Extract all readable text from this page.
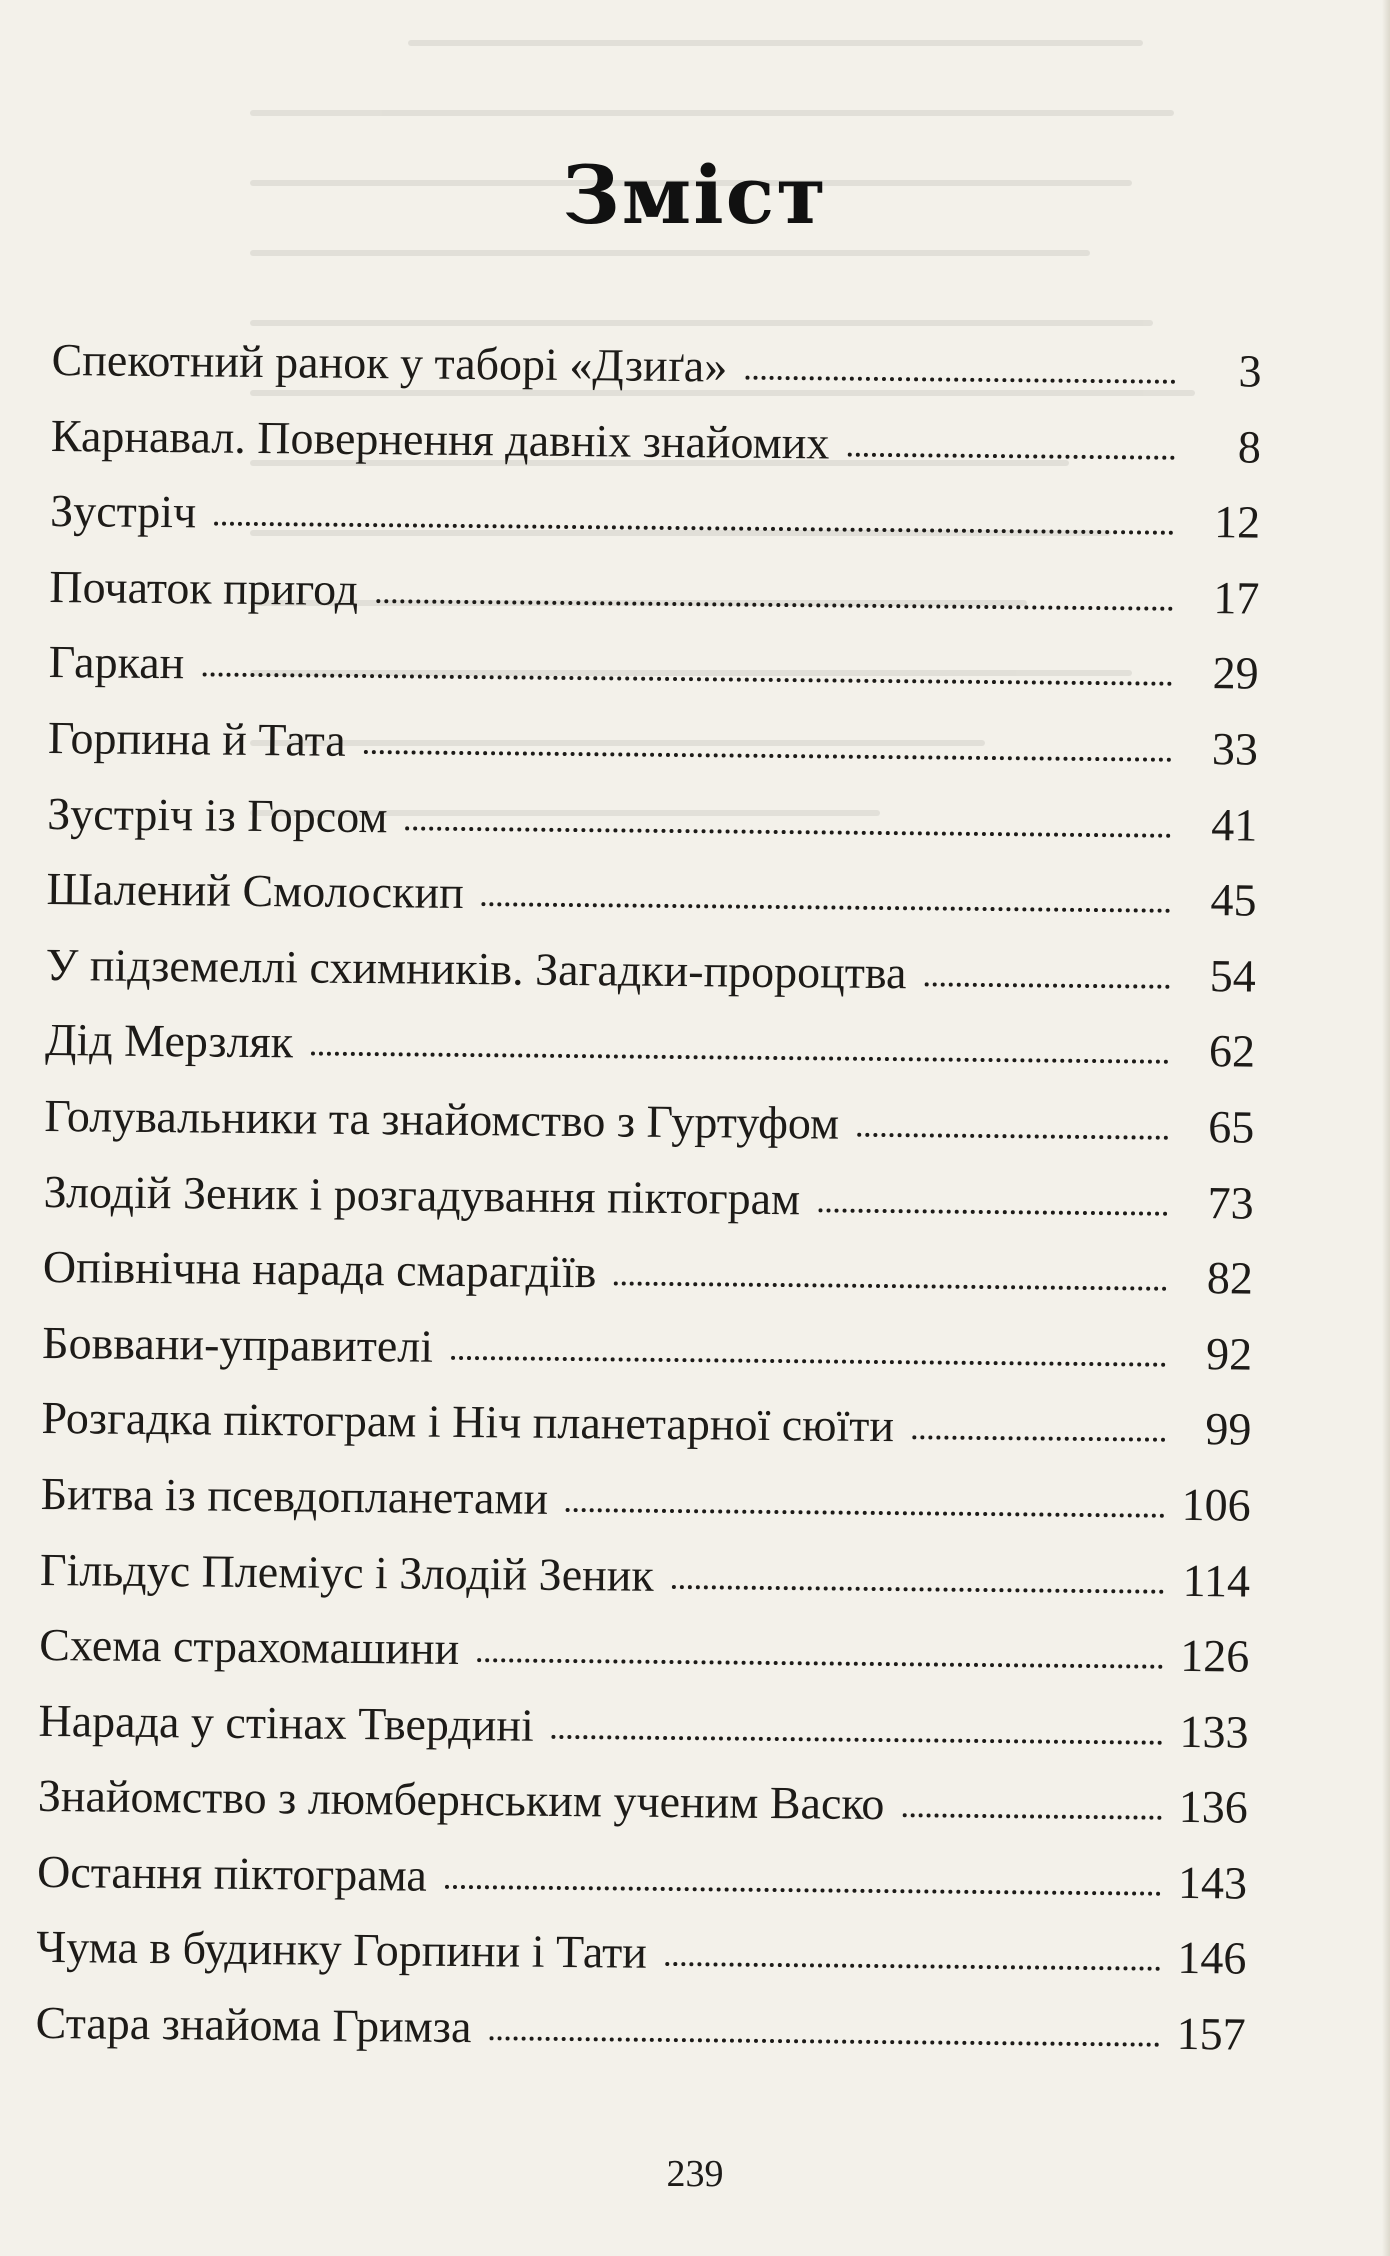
Зміст
Спекотний ранок у таборі «Дзиґа»	3
Карнавал. Повернення давніх знайомих	8
Зустріч	12
Початок пригод	17
Гаркан	29
Горпина й Тата	33
Зустріч із Горсом	41
Шалений Смолоскип	45
У підземеллі схимників. Загадки-пророцтва	54
Дід Мерзляк	62
Голувальники та знайомство з Гуртуфом	65
Злодій Зеник і розгадування піктограм	73
Опівнічна нарада смарагдіїв	82
Боввани-управителі	92
Розгадка піктограм і Ніч планетарної сюїти	99
Битва із псевдопланетами	106
Гільдус Племіус і Злодій Зеник	114
Схема страхомашини	126
Нарада у стінах Твердині	133
Знайомство з люмбернським ученим Васко	136
Остання піктограма	143
Чума в будинку Горпини і Тати	146
Стара знайома Гримза	157
239
